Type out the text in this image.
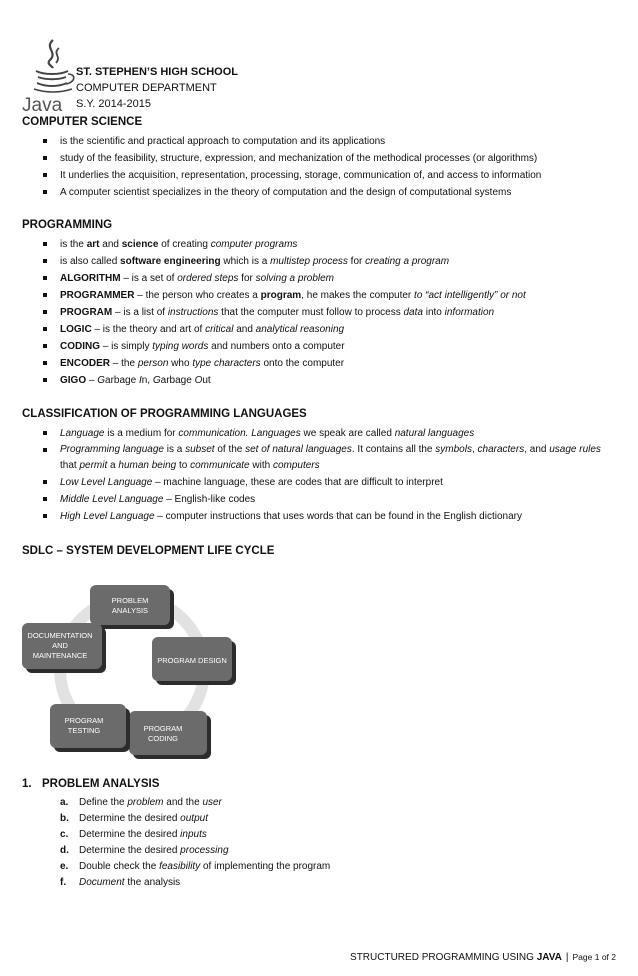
Java
ST. STEPHEN’S HIGH SCHOOL
COMPUTER DEPARTMENT
S.Y. 2014-2015
COMPUTER SCIENCE
is the scientific and practical approach to computation and its applications
study of the feasibility, structure, expression, and mechanization of the methodical processes (or algorithms)
It underlies the acquisition, representation, processing, storage, communication of, and access to information
A computer scientist specializes in the theory of computation and the design of computational systems
PROGRAMMING
is the art and science of creating computer programs
is also called software engineering which is a multistep process for creating a program
ALGORITHM – is a set of ordered steps for solving a problem
PROGRAMMER – the person who creates a program, he makes the computer to “act intelligently” or not
PROGRAM – is a list of instructions that the computer must follow to process data into information
LOGIC – is the theory and art of critical and analytical reasoning
CODING – is simply typing words and numbers onto a computer
ENCODER – the person who type characters onto the computer
GIGO – Garbage In, Garbage Out
CLASSIFICATION OF PROGRAMMING LANGUAGES
Language is a medium for communication. Languages we speak are called natural languages
Programming language is a subset of the set of natural languages. It contains all the symbols, characters, and usage rules that permit a human being to communicate with computers
Low Level Language – machine language, these are codes that are difficult to interpret
Middle Level Language – English-like codes
High Level Language – computer instructions that uses words that can be found in the English dictionary
SDLC – SYSTEM DEVELOPMENT LIFE CYCLE
PROBLEM
ANALYSIS
PROGRAM DESIGN
PROGRAM
CODING
PROGRAM
TESTING
DOCUMENTATION
AND
MAINTENANCE
1. PROBLEM ANALYSIS
a. Define the problem and the user
b. Determine the desired output
c. Determine the desired inputs
d. Determine the desired processing
e. Double check the feasibility of implementing the program
f. Document the analysis
STRUCTURED PROGRAMMING USING JAVA | Page 1 of 2
